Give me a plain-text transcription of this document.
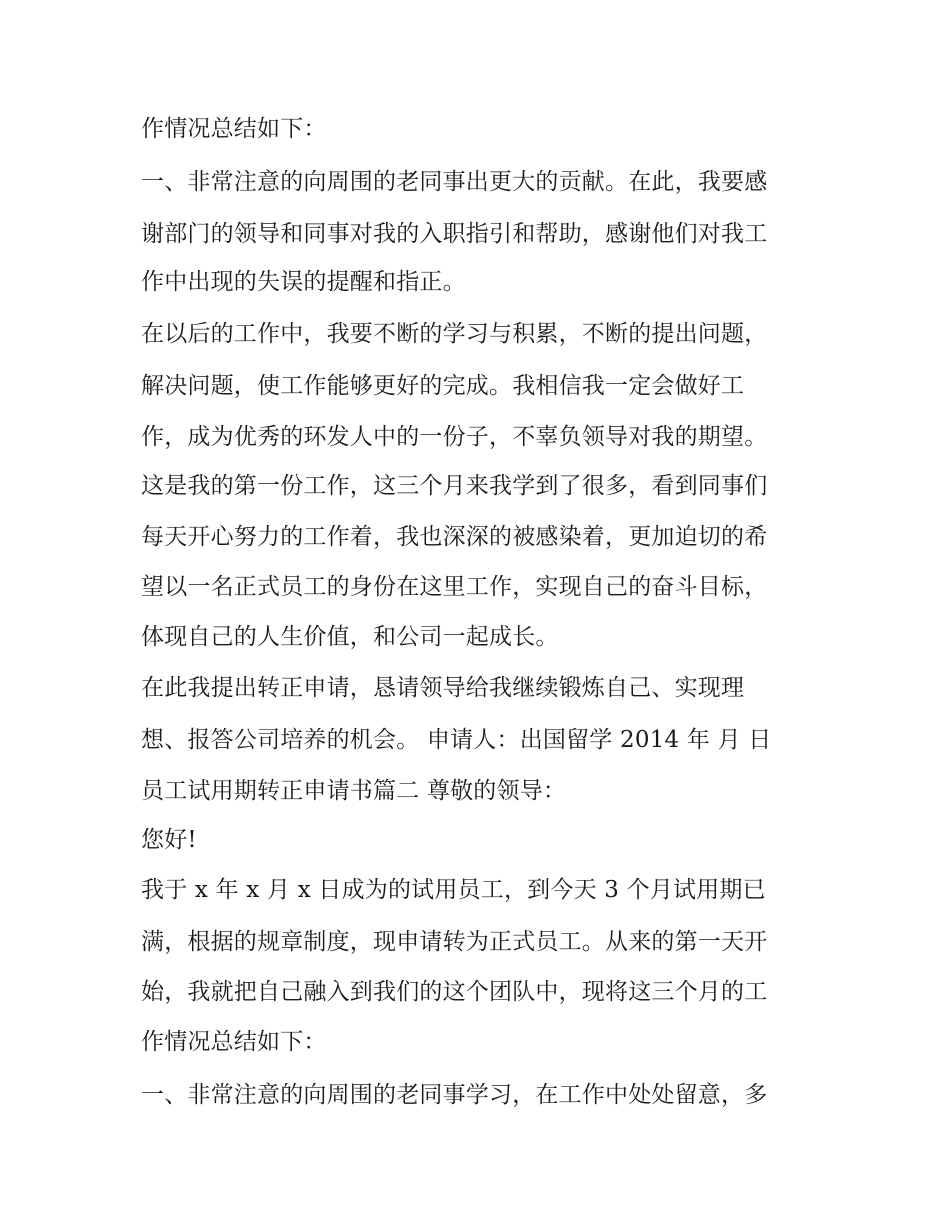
作情况总结如下：

一、非常注意的向周围的老同事出更大的贡献。在此，我要感

谢部门的领导和同事对我的入职指引和帮助，感谢他们对我工

作中出现的失误的提醒和指正。

在以后的工作中，我要不断的学习与积累，不断的提出问题，

解决问题，使工作能够更好的完成。我相信我一定会做好工

作，成为优秀的环发人中的一份子，不辜负领导对我的期望。

这是我的第一份工作，这三个月来我学到了很多，看到同事们

每天开心努力的工作着，我也深深的被感染着，更加迫切的希

望以一名正式员工的身份在这里工作，实现自己的奋斗目标，

体现自己的人生价值，和公司一起成长。

在此我提出转正申请，恳请领导给我继续锻炼自己、实现理

想、报答公司培养的机会。 申请人：出国留学 2014 年 月 日

员工试用期转正申请书篇二 尊敬的领导：

您好!

我于 x 年 x 月 x 日成为的试用员工，到今天 3 个月试用期已

满，根据的规章制度，现申请转为正式员工。从来的第一天开

始，我就把自己融入到我们的这个团队中，现将这三个月的工

作情况总结如下：

一、非常注意的向周围的老同事学习，在工作中处处留意，多
